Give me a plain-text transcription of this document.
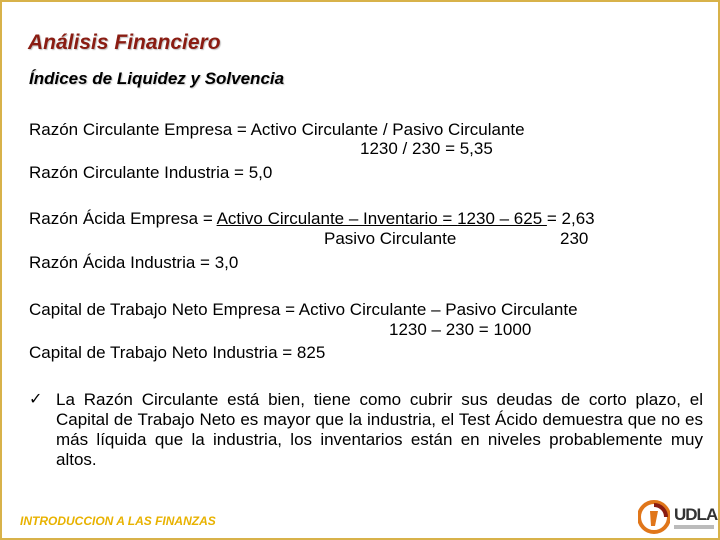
Análisis Financiero
Índices de Liquidez y Solvencia
Razón Circulante Empresa = Activo Circulante / Pasivo Circulante
1230 / 230 = 5,35
Razón Circulante Industria = 5,0
Razón Ácida Empresa = Activo Circulante – Inventario = 1230 – 625 = 2,63
Pasivo Circulante	230
Razón Ácida Industria = 3,0
Capital de Trabajo Neto Empresa = Activo Circulante – Pasivo Circulante
1230 – 230 = 1000
Capital de Trabajo Neto Industria = 825
✓ La Razón Circulante está bien, tiene como cubrir sus deudas de corto plazo, el Capital de Trabajo Neto es mayor que la industria, el Test Ácido demuestra que no es más líquida que la industria, los inventarios están en niveles probablemente muy altos.
INTRODUCCION A LAS FINANZAS	UDLA
